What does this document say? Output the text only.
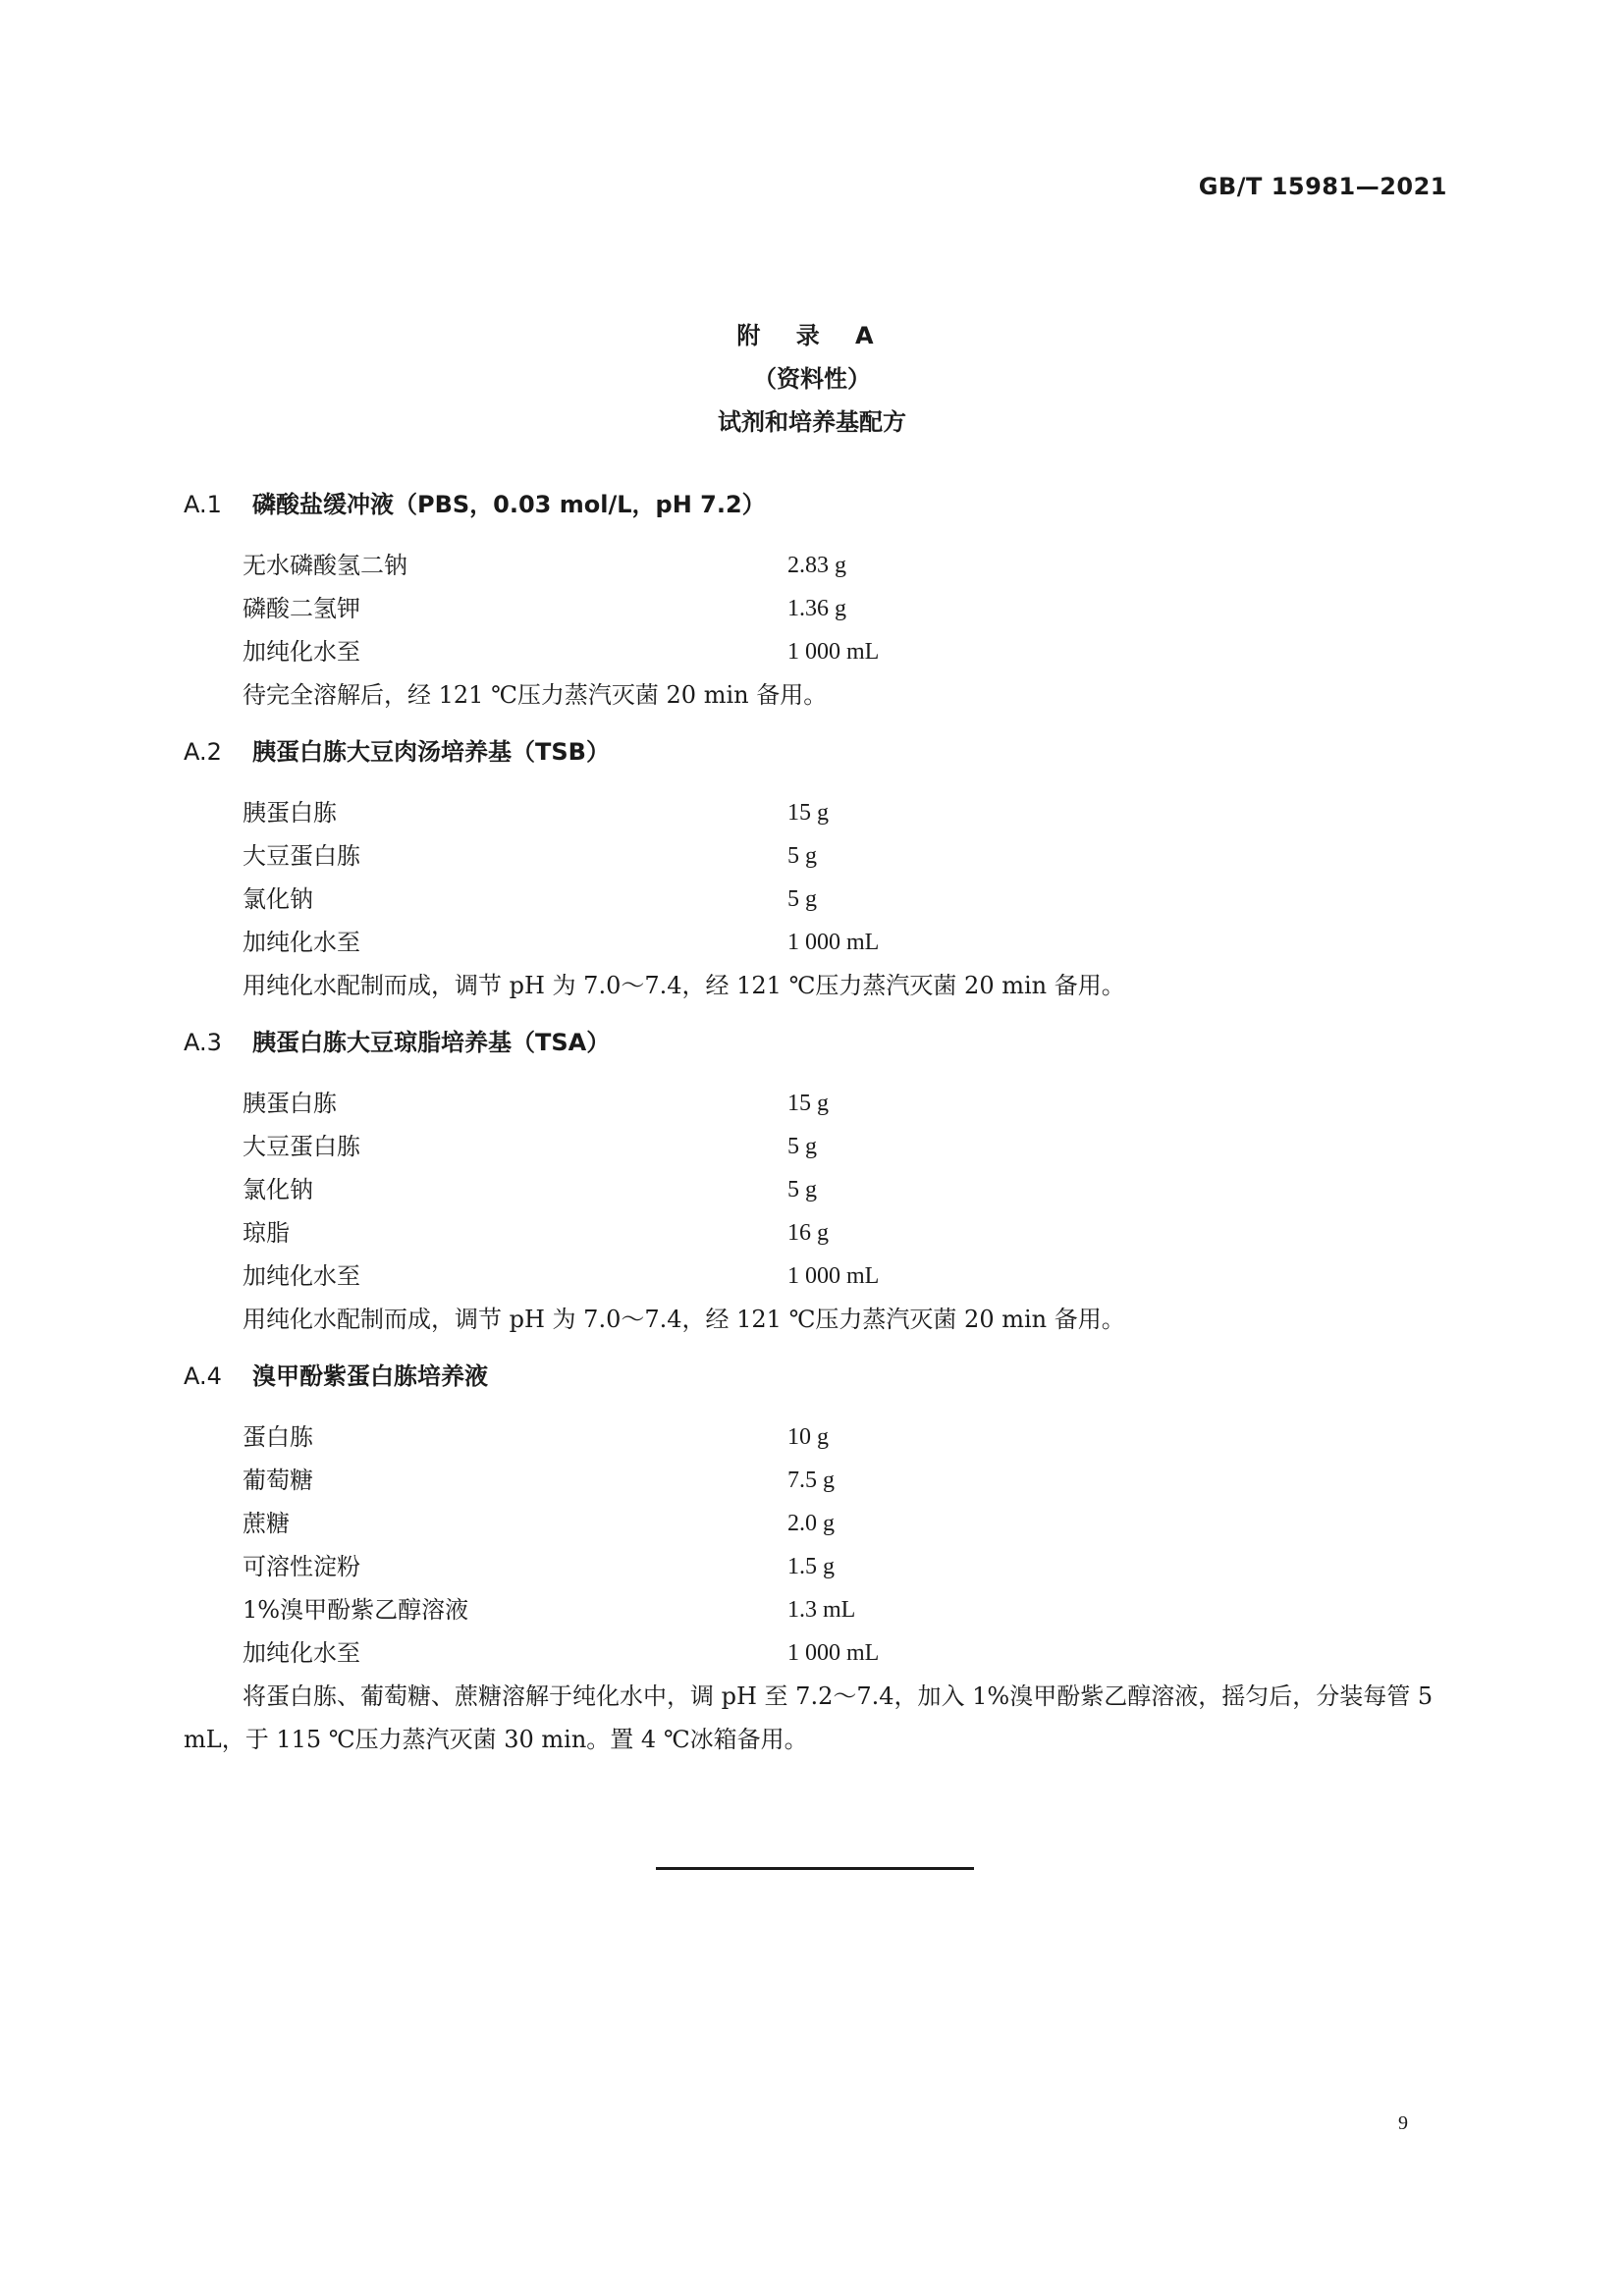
GB/T 15981—2021
附 录 A
（资料性）
试剂和培养基配方
A.1	磷酸盐缓冲液（PBS，0.03 mol/L，pH 7.2）
无水磷酸氢二钠	2.83 g
磷酸二氢钾	1.36 g
加纯化水至	1 000 mL
待完全溶解后，经 121 ℃压力蒸汽灭菌 20 min 备用。
A.2	胰蛋白胨大豆肉汤培养基（TSB）
胰蛋白胨	15 g
大豆蛋白胨	5 g
氯化钠	5 g
加纯化水至	1 000 mL
用纯化水配制而成，调节 pH 为 7.0～7.4，经 121 ℃压力蒸汽灭菌 20 min 备用。
A.3	胰蛋白胨大豆琼脂培养基（TSA）
胰蛋白胨	15 g
大豆蛋白胨	5 g
氯化钠	5 g
琼脂	16 g
加纯化水至	1 000 mL
用纯化水配制而成，调节 pH 为 7.0～7.4，经 121 ℃压力蒸汽灭菌 20 min 备用。
A.4	溴甲酚紫蛋白胨培养液
蛋白胨	10 g
葡萄糖	7.5 g
蔗糖	2.0 g
可溶性淀粉	1.5 g
1%溴甲酚紫乙醇溶液	1.3 mL
加纯化水至	1 000 mL
将蛋白胨、葡萄糖、蔗糖溶解于纯化水中，调 pH 至 7.2～7.4，加入 1%溴甲酚紫乙醇溶液，摇匀后，分装每管 5 mL，于 115 ℃压力蒸汽灭菌 30 min。置 4 ℃冰箱备用。
9
